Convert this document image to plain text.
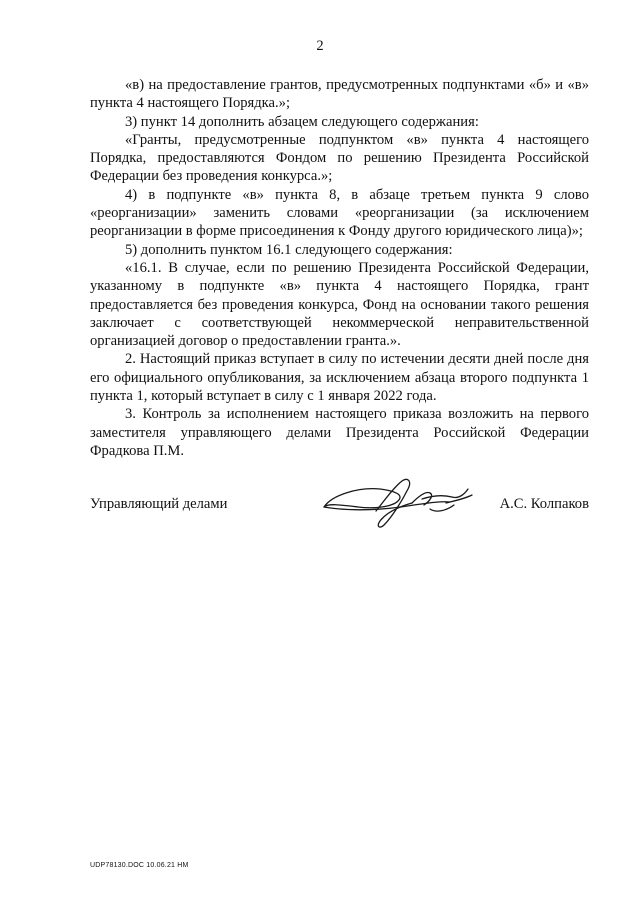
2

«в) на предоставление грантов, предусмотренных подпунктами «б» и «в» пункта 4 настоящего Порядка.»;

3) пункт 14 дополнить абзацем следующего содержания:

«Гранты, предусмотренные подпунктом «в» пункта 4 настоящего Порядка, предоставляются Фондом по решению Президента Российской Федерации без проведения конкурса.»;

4) в подпункте «в» пункта 8, в абзаце третьем пункта 9 слово «реорганизации» заменить словами «реорганизации (за исключением реорганизации в форме присоединения к Фонду другого юридического лица)»;

5) дополнить пунктом 16.1 следующего содержания:

«16.1. В случае, если по решению Президента Российской Федерации, указанному в подпункте «в» пункта 4 настоящего Порядка, грант предоставляется без проведения конкурса, Фонд на основании такого решения заключает с соответствующей некоммерческой неправительственной организацией договор о предоставлении гранта.».

2. Настоящий приказ вступает в силу по истечении десяти дней после дня его официального опубликования, за исключением абзаца второго подпункта 1 пункта 1, который вступает в силу с 1 января 2022 года.

3. Контроль за исполнением настоящего приказа возложить на первого заместителя управляющего делами Президента Российской Федерации Фрадкова П.М.

Управляющий делами	А.С. Колпаков
UDP78130.DOC 10.06.21 НМ
